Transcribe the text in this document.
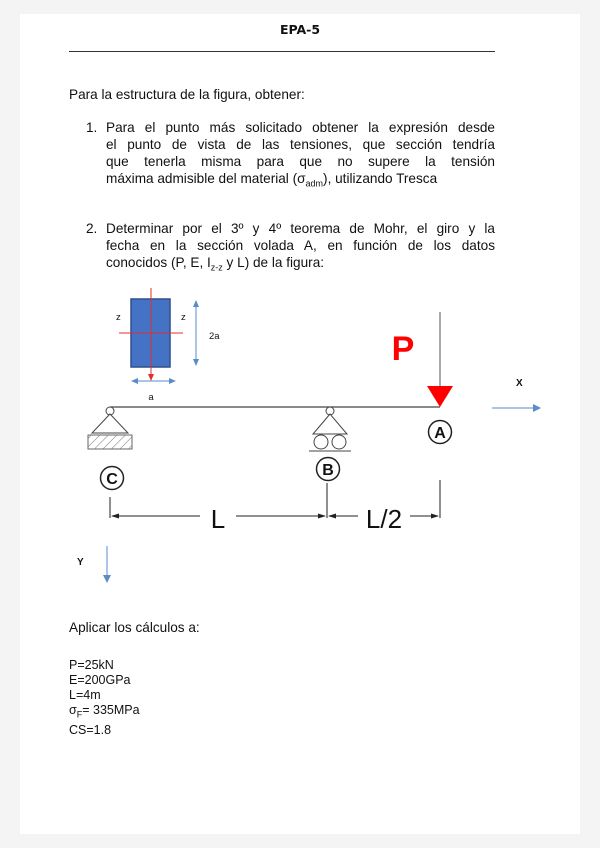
EPA-5
Para la estructura de la figura, obtener:
1. Para el punto más solicitado obtener la expresión desde
el punto de vista de las tensiones, que sección tendría
que tenerla misma para que no supere la tensión
máxima admisible del material $(\sigma_{adm})$, utilizando Tresca
2. Determinar por el 3º y 4º teorema de Mohr, el giro y la
fecha en la sección volada A, en función de los datos
conocidos (P, E, $I_{z-z}$ y L) de la figura:
z	z
2a
a
P
X
C
B
A
L	L/2
Y
Aplicar los cálculos a:
P=25kN
E=200GPa
L=4m
$\sigma_F= 335MPa$
CS=1.8
